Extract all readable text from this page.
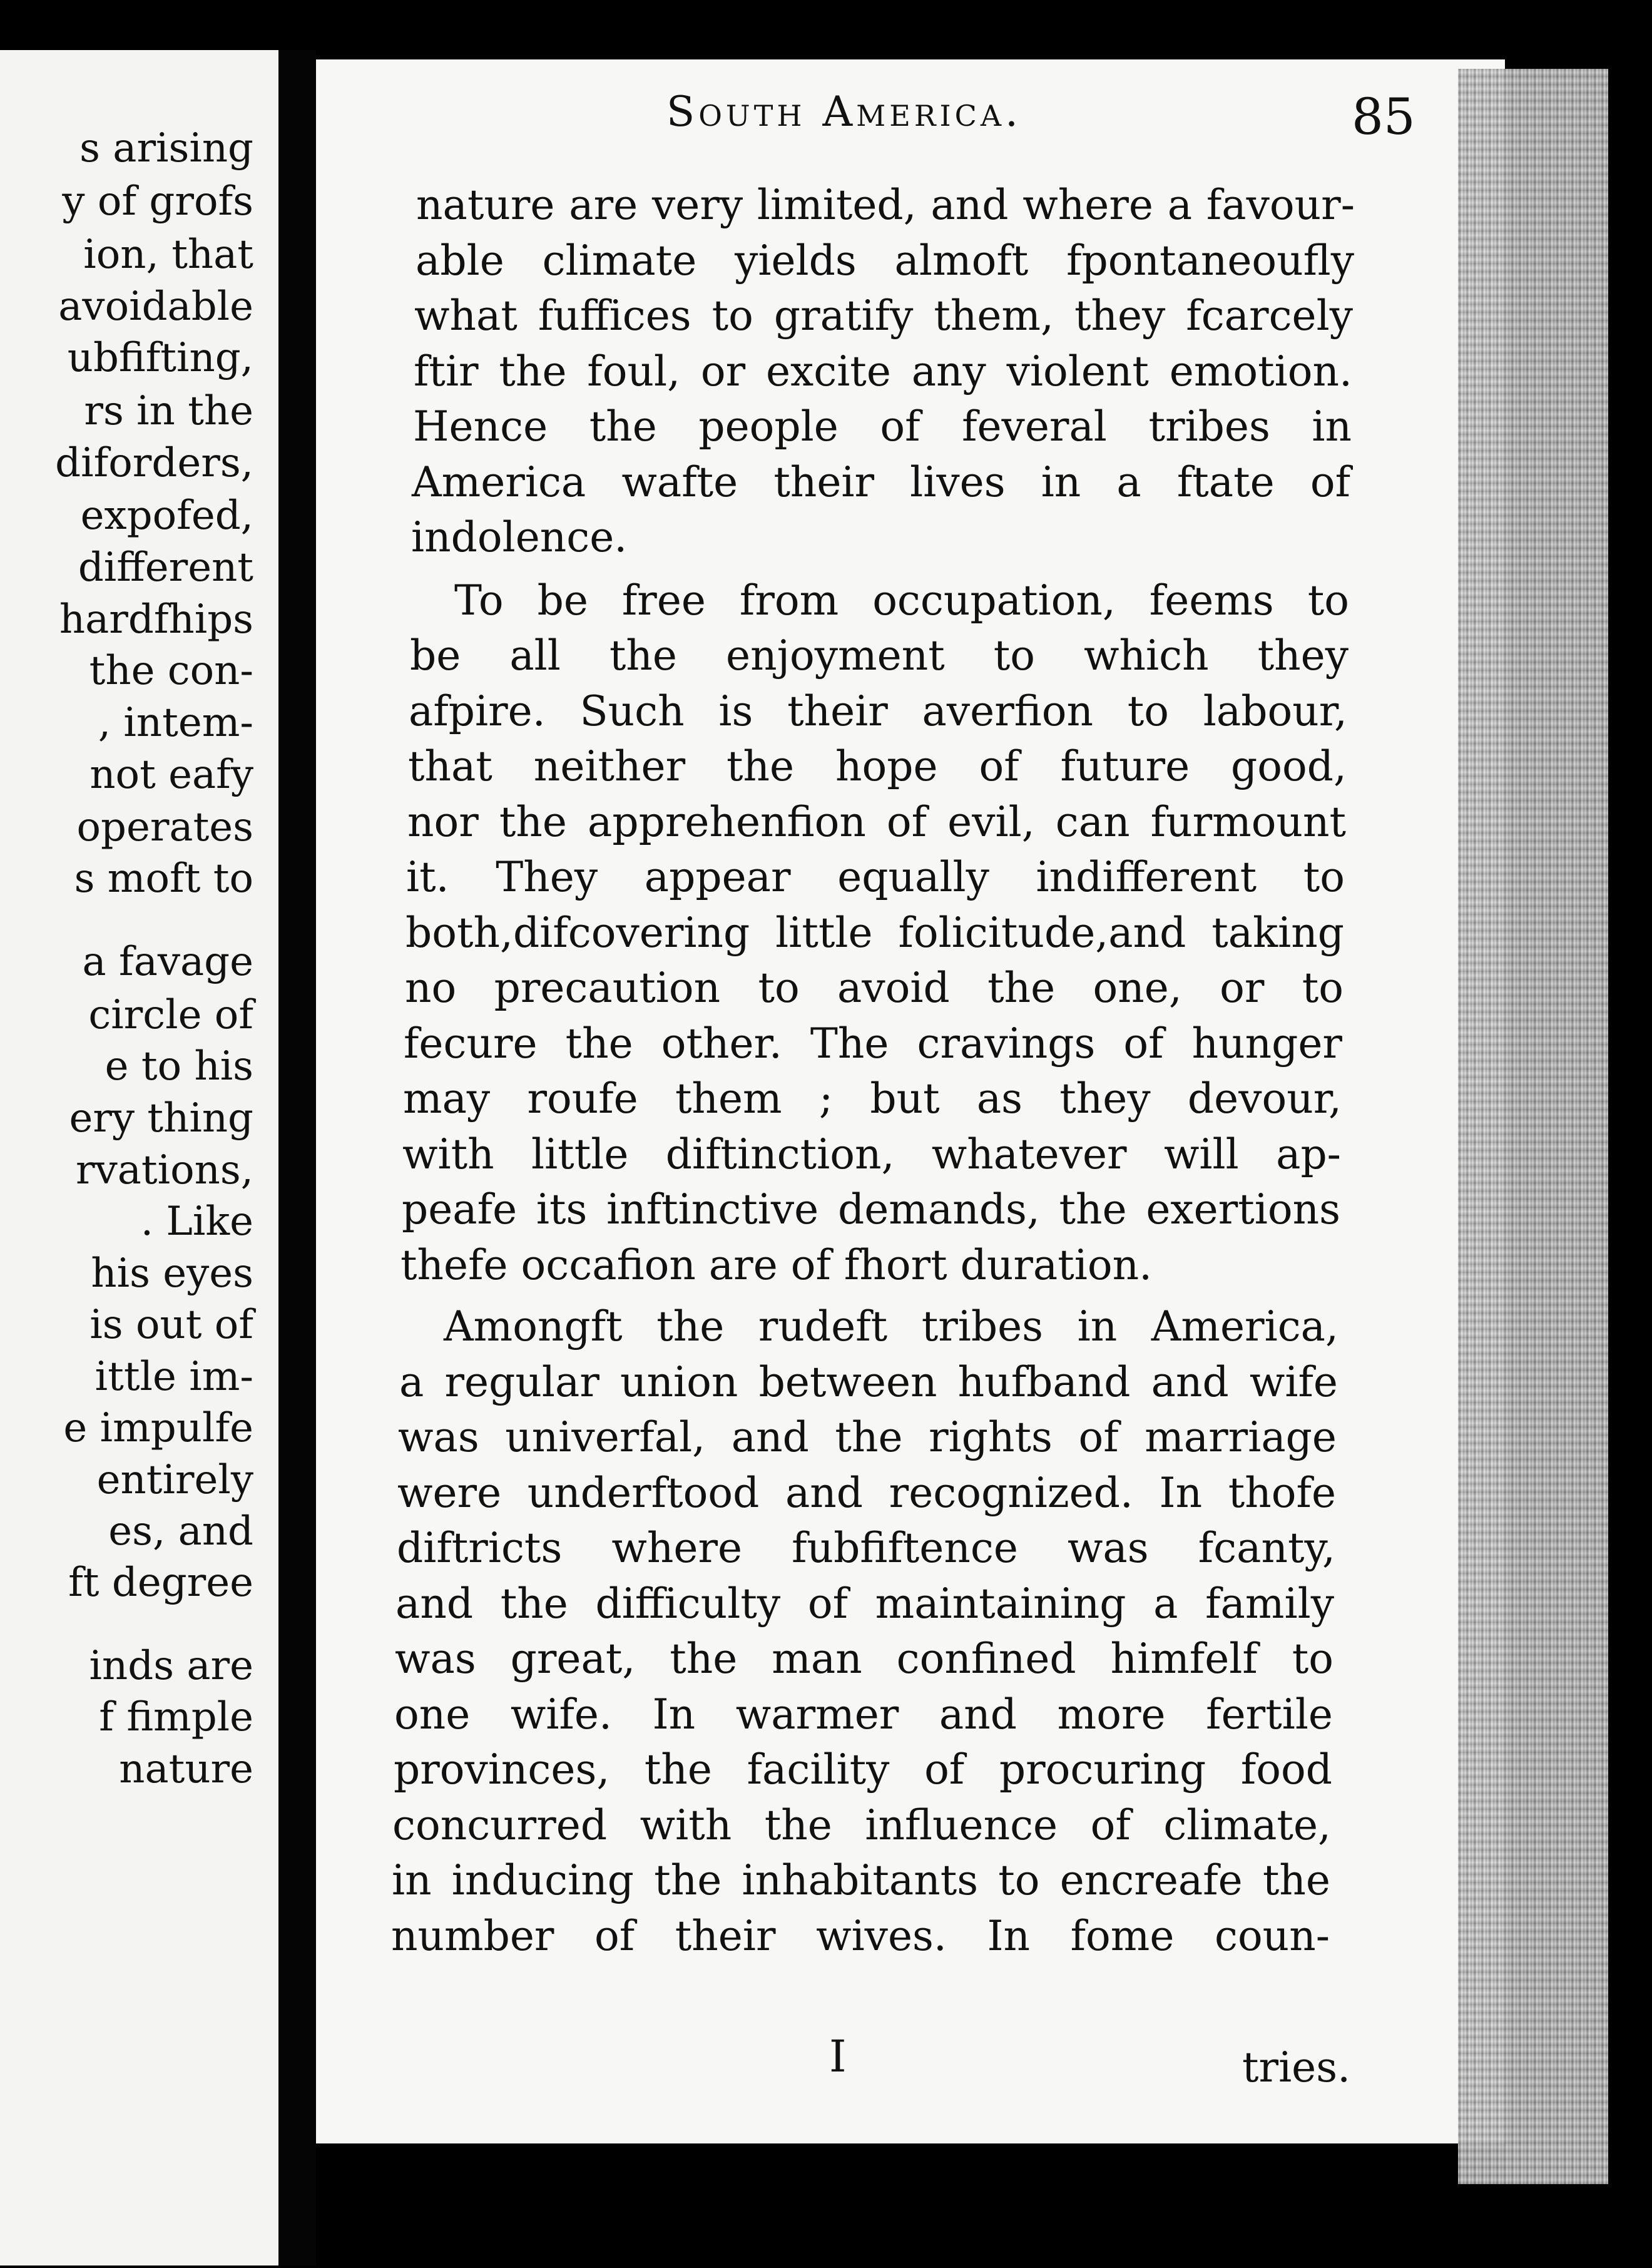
s arising
y of grofs
ion, that
avoidable
ubfifting,
rs in the
diforders,
expofed,
different
hardfhips
the con-
, intem-
not eafy
operates
s moft to
a favage
circle of
e to his
ery thing
rvations,
. Like
his eyes
is out of
ittle im-
e impulfe
entirely
es, and
ft degree
inds are
f fimple
nature
South America.	85
I	tries.
nature are very limited, and where a favour-
able climate yields almoft fpontaneoufly
what fuffices to gratify them, they fcarcely
ftir the foul, or excite any violent emotion.
Hence the people of feveral tribes in
America wafte their lives in a ftate of
indolence.
To be free from occupation, feems to
be all the enjoyment to which they
afpire. Such is their averfion to labour,
that neither the hope of future good,
nor the apprehenfion of evil, can furmount
it. They appear equally indifferent to
both,difcovering little folicitude,and taking
no precaution to avoid the one, or to
fecure the other. The cravings of hunger
may roufe them ; but as they devour,
with little diftinction, whatever will ap-
peafe its inftinctive demands, the exertions
thefe occafion are of fhort duration.
Amongft the rudeft tribes in America,
a regular union between hufband and wife
was univerfal, and the rights of marriage
were underftood and recognized. In thofe
diftricts where fubfiftence was fcanty,
and the difficulty of maintaining a family
was great, the man confined himfelf to
one wife. In warmer and more fertile
provinces, the facility of procuring food
concurred with the influence of climate,
in inducing the inhabitants to encreafe the
number of their wives. In fome coun-
